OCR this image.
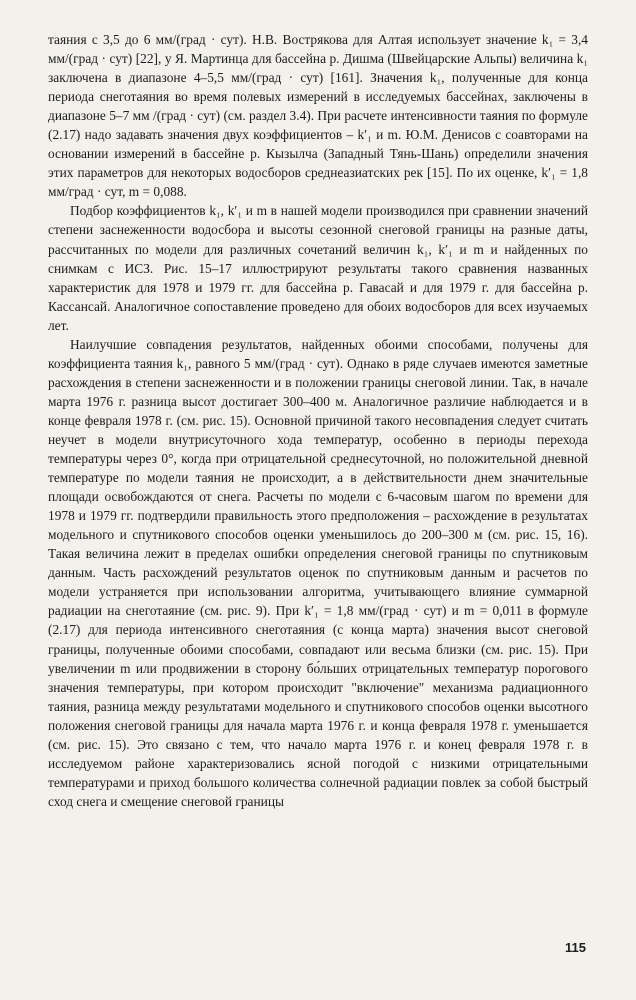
таяния с 3,5 до 6 мм/(град · сут). Н.В. Вострякова для Алтая использует значение k₁ = 3,4 мм/(град · сут) [22], у Я. Мартинца для бассейна р. Дишма (Швейцарские Альпы) величина k₁ заключена в диапазоне 4–5,5 мм/(град · сут) [161]. Значения k₁, полученные для конца периода снеготаяния во время полевых измерений в исследуемых бассейнах, заключены в диапазоне 5–7 мм /(град · сут) (см. раздел 3.4). При расчете интенсивности таяния по формуле (2.17) надо задавать значения двух коэффициентов – k′₁ и m. Ю.М. Денисов с соавторами на основании измерений в бассейне р. Кызылча (Западный Тянь-Шань) определили значения этих параметров для некоторых водосборов среднеазиатских рек [15]. По их оценке, k′₁ = 1,8 мм/град · сут, m = 0,088.

Подбор коэффициентов k₁, k′₁ и m в нашей модели производился при сравнении значений степени заснеженности водосбора и высоты сезонной снеговой границы на разные даты, рассчитанных по модели для различных сочетаний величин k₁, k′₁ и m и найденных по снимкам с ИСЗ. Рис. 15–17 иллюстрируют результаты такого сравнения названных характеристик для 1978 и 1979 гг. для бассейна р. Гавасай и для 1979 г. для бассейна р. Кассансай. Аналогичное сопоставление проведено для обоих водосборов для всех изучаемых лет.

Наилучшие совпадения результатов, найденных обоими способами, получены для коэффициента таяния k₁, равного 5 мм/(град · сут). Однако в ряде случаев имеются заметные расхождения в степени заснеженности и в положении границы снеговой линии. Так, в начале марта 1976 г. разница высот достигает 300–400 м. Аналогичное различие наблюдается и в конце февраля 1978 г. (см. рис. 15). Основной причиной такого несовпадения следует считать неучет в модели внутрисуточного хода температур, особенно в периоды перехода температуры через 0°, когда при отрицательной среднесуточной, но положительной дневной температуре по модели таяния не происходит, а в действительности днем значительные площади освобождаются от снега. Расчеты по модели с 6-часовым шагом по времени для 1978 и 1979 гг. подтвердили правильность этого предположения – расхождение в результатах модельного и спутникового способов оценки уменьшилось до 200–300 м (см. рис. 15, 16). Такая величина лежит в пределах ошибки определения снеговой границы по спутниковым данным. Часть расхождений результатов оценок по спутниковым данным и расчетов по модели устраняется при использовании алгоритма, учитывающего влияние суммарной радиации на снеготаяние (см. рис. 9). При k′₁ = 1,8 мм/(град · сут) и m = 0,011 в формуле (2.17) для периода интенсивного снеготаяния (с конца марта) значения высот снеговой границы, полученные обоими способами, совпадают или весьма близки (см. рис. 15). При увеличении m или продвижении в сторону бо́льших отрицательных температур порогового значения температуры, при котором происходит "включение" механизма радиационного таяния, разница между результатами модельного и спутникового способов оценки высотного положения снеговой границы для начала марта 1976 г. и конца февраля 1978 г. уменьшается (см. рис. 15). Это связано с тем, что начало марта 1976 г. и конец февраля 1978 г. в исследуемом районе характеризовались ясной погодой с низкими отрицательными температурами и приход большого количества солнечной радиации повлек за собой быстрый сход снега и смещение снеговой границы

115
